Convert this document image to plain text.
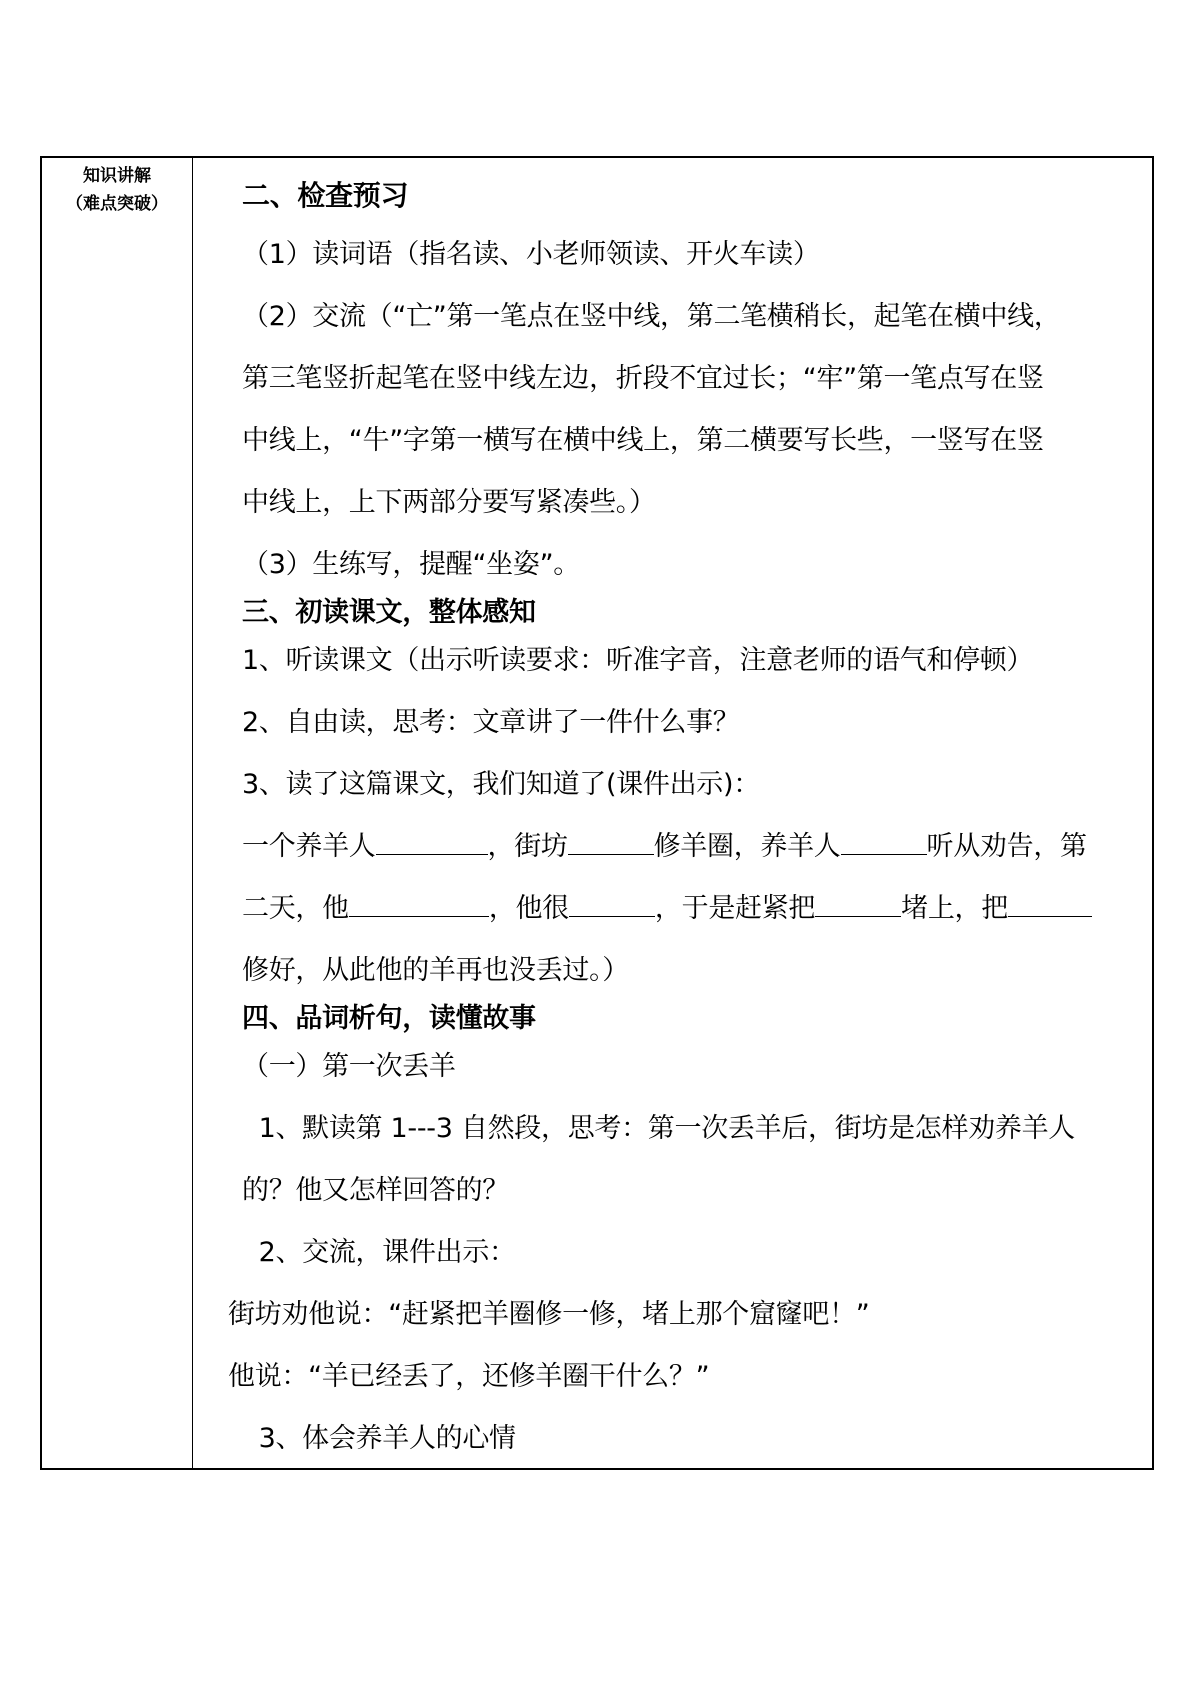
知识讲解
（难点突破）	二、检查预习
（1）读词语（指名读、小老师领读、开火车读）
（2）交流（“亡”第一笔点在竖中线，第二笔横稍长，起笔在横中线，
第三笔竖折起笔在竖中线左边，折段不宜过长；“牢”第一笔点写在竖
中线上，“牛”字第一横写在横中线上，第二横要写长些，一竖写在竖
中线上，上下两部分要写紧凑些。）
（3）生练写，提醒“坐姿”。
三、初读课文，整体感知
1、听读课文（出示听读要求：听准字音，注意老师的语气和停顿）
2、自由读，思考：文章讲了一件什么事？
3、读了这篇课文，我们知道了(课件出示)：
一个养羊人	，街坊	修羊圈，养羊人	听从劝告，第
二天，他	，他很	，于是赶紧把	堵上，把
修好，从此他的羊再也没丢过。）
四、品词析句，读懂故事
（一）第一次丢羊
1、默读第 1---3 自然段，思考：第一次丢羊后，街坊是怎样劝养羊人
的？他又怎样回答的？
2、交流，课件出示：
街坊劝他说：“赶紧把羊圈修一修，堵上那个窟窿吧！”
他说：“羊已经丢了，还修羊圈干什么？”
3、体会养羊人的心情
